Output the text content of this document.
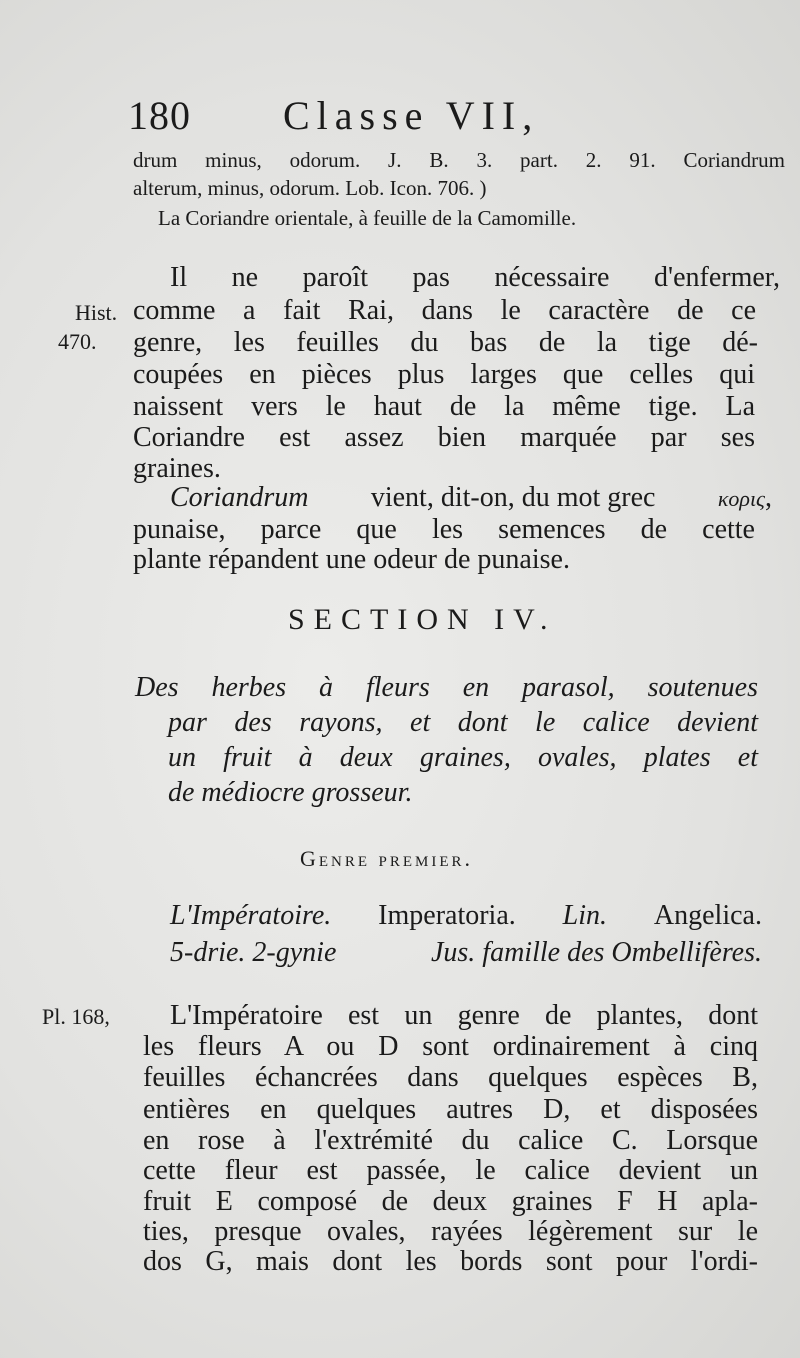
180 Classe VII,
drum minus, odorum. J. B. 3. part. 2. 91. Coriandrum
alterum, minus, odorum. Lob. Icon. 706. )
La Coriandre orientale, à feuille de la Camomille.
Hist.
470.
Pl. 168,
Il ne paroît pas nécessaire d'enfermer,
comme a fait Rai, dans le caractère de ce
genre, les feuilles du bas de la tige dé-
coupées en pièces plus larges que celles qui
naissent vers le haut de la même tige. La
Coriandre est assez bien marquée par ses
graines.
Coriandrum vient, dit-on, du mot grec	κορις,
punaise, parce que les semences de cette
plante répandent une odeur de punaise.
SECTION IV.
Des herbes à fleurs en parasol, soutenues
par des rayons, et dont le calice devient
un fruit à deux graines, ovales, plates et
de médiocre grosseur.
Genre premier.
L'Impératoire. Imperatoria. Lin. Angelica.
5-drie. 2-gynie	Jus. famille des Ombellifères.
L'Impératoire est un genre de plantes, dont
les fleurs A ou D sont ordinairement à cinq
feuilles échancrées dans quelques espèces B,
entières en quelques autres D, et disposées
en rose à l'extrémité du calice C. Lorsque
cette fleur est passée, le calice devient un
fruit E composé de deux graines F H apla-
ties, presque ovales, rayées légèrement sur le
dos G, mais dont les bords sont pour l'ordi-
